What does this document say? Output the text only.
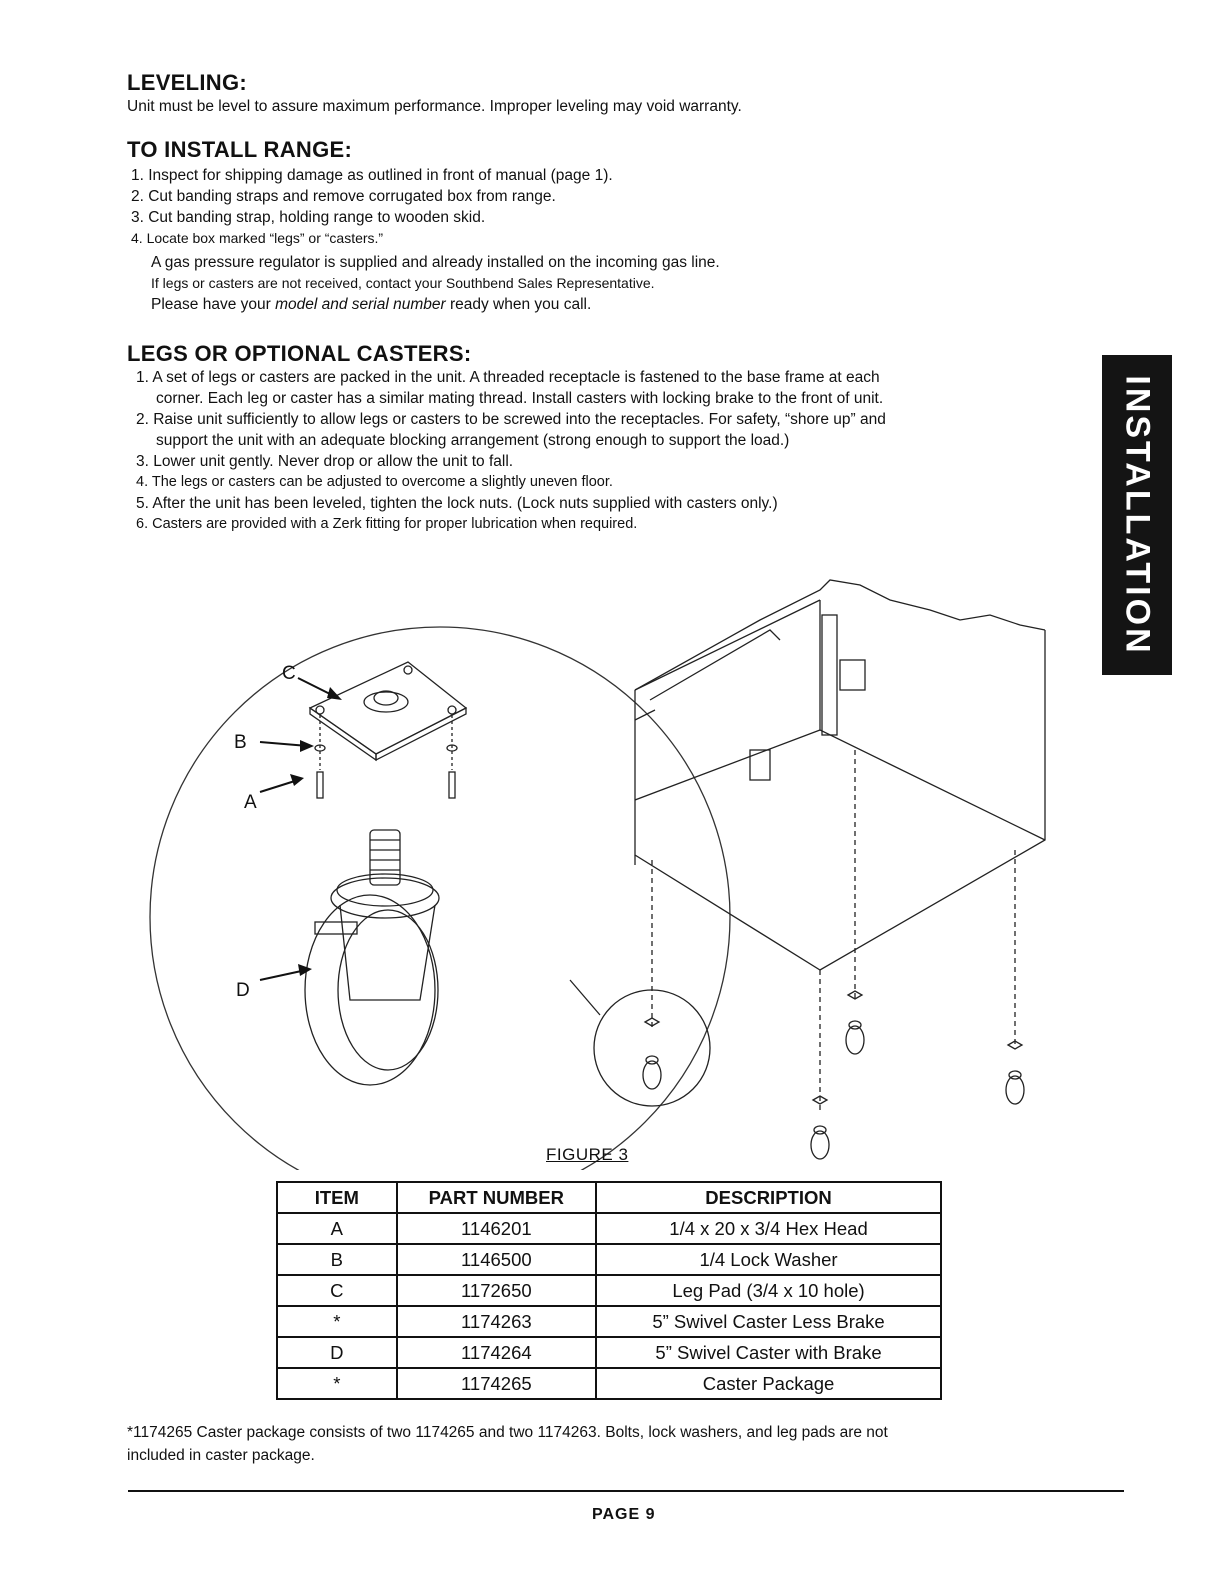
LEVELING:
Unit must be level to assure maximum performance. Improper leveling may void warranty.
TO INSTALL RANGE:
1. Inspect for shipping damage as outlined in front of manual (page 1).
2. Cut banding straps and remove corrugated box from range.
3. Cut banding strap, holding range to wooden skid.
4. Locate box marked “legs” or “casters.”
A gas pressure regulator is supplied and already installed on the incoming gas line.
If legs or casters are not received, contact your Southbend Sales Representative.
Please have your model and serial number ready when you call.
LEGS OR OPTIONAL CASTERS:
1. A set of legs or casters are packed in the unit. A threaded receptacle is fastened to the base frame at each
corner. Each leg or caster has a similar mating thread. Install casters with locking brake to the front of unit.
2. Raise unit sufficiently to allow legs or casters to be screwed into the receptacles. For safety, “shore up” and
support the unit with an adequate blocking arrangement (strong enough to support the load.)
3. Lower unit gently. Never drop or allow the unit to fall.
4. The legs or casters can be adjusted to overcome a slightly uneven floor.
5. After the unit has been leveled, tighten the lock nuts. (Lock nuts supplied with casters only.)
6. Casters are provided with a Zerk fitting for proper lubrication when required.	INSTALLATION
C
B
A
D
FIGURE 3
ITEM	PART NUMBER	DESCRIPTION
A	1146201	1/4 x 20 x 3/4 Hex Head
B	1146500	1/4 Lock Washer
C	1172650	Leg Pad (3/4 x 10 hole)
*	1174263	5” Swivel Caster Less Brake
D	1174264	5” Swivel Caster with Brake
*	1174265	Caster Package
*1174265 Caster package consists of two 1174265 and two 1174263. Bolts, lock washers, and leg pads are not
included in caster package.
PAGE 9
